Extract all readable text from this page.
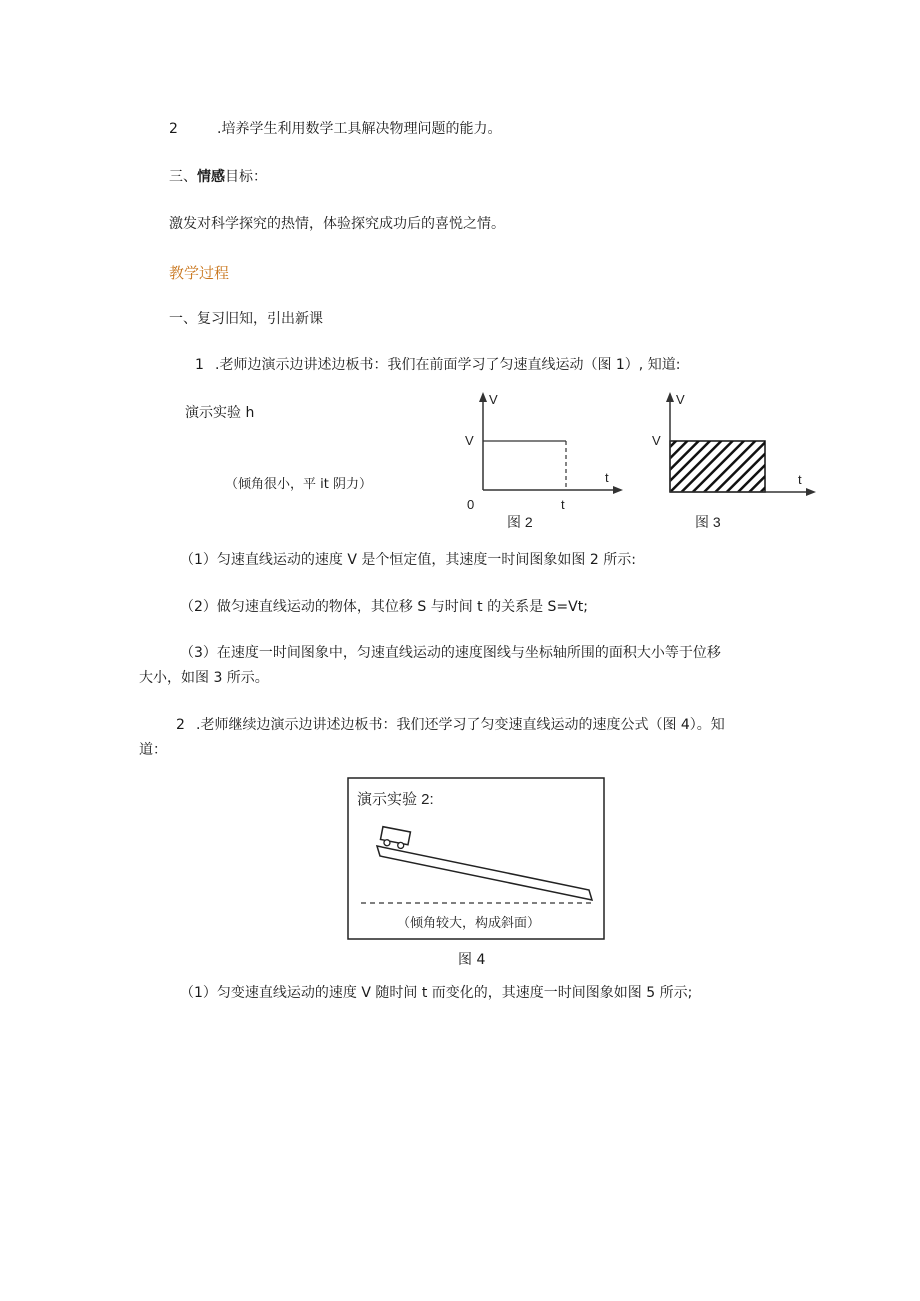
2	.培养学生利用数学工具解决物理问题的能力。
三、情感目标：
激发对科学探究的热情，体验探究成功后的喜悦之情。
教学过程
一、复习旧知，引出新课
1 .老师边演示边讲述边板书：我们在前面学习了匀速直线运动（图 1）, 知道:
演示实验 h
（倾角很小，平 it 阴力）
V
V
t
0	t
图 2
V
V
t
图 3
（1）匀速直线运动的速度 V 是个恒定值，其速度一时间图象如图 2 所示:
（2）做匀速直线运动的物体，其位移 S 与时间 t 的关系是 S=Vt;
（3）在速度一时间图象中，匀速直线运动的速度图线与坐标轴所围的面积大小等于位移
大小，如图 3 所示。
2 .老师继续边演示边讲述边板书：我们还学习了匀变速直线运动的速度公式（图 4）。知
道：
演示实验 2:
（倾角较大，构成斜面）
图 4
（1）匀变速直线运动的速度 V 随时间 t 而变化的，其速度一时间图象如图 5 所示;
